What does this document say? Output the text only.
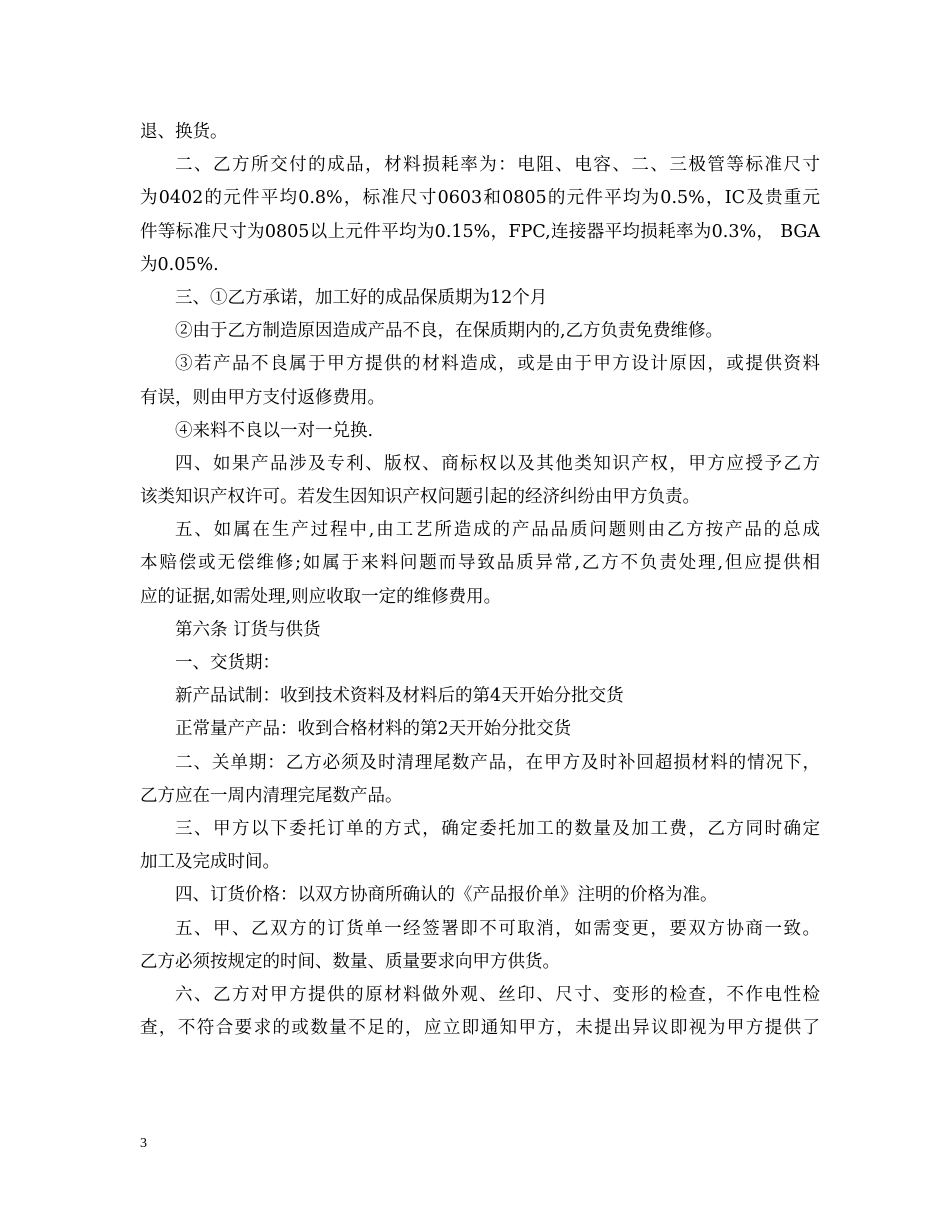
退、换货。
二、乙方所交付的成品，材料损耗率为：电阻、电容、二、三极管等标准尺寸
为0402的元件平均0.8%，标准尺寸0603和0805的元件平均为0.5%，IC及贵重元
件等标准尺寸为0805以上元件平均为0.15%，FPC,连接器平均损耗率为0.3%， BGA
为0.05%.
三、①乙方承诺，加工好的成品保质期为12个月
②由于乙方制造原因造成产品不良，在保质期内的,乙方负责免费维修。
③若产品不良属于甲方提供的材料造成，或是由于甲方设计原因，或提供资料
有误，则由甲方支付返修费用。
④来料不良以一对一兑换.
四、如果产品涉及专利、版权、商标权以及其他类知识产权，甲方应授予乙方
该类知识产权许可。若发生因知识产权问题引起的经济纠纷由甲方负责。
五、如属在生产过程中,由工艺所造成的产品品质问题则由乙方按产品的总成
本赔偿或无偿维修;如属于来料问题而导致品质异常,乙方不负责处理,但应提供相
应的证据,如需处理,则应收取一定的维修费用。
第六条 订货与供货
一、交货期：
新产品试制：收到技术资料及材料后的第4天开始分批交货
正常量产产品：收到合格材料的第2天开始分批交货
二、关单期：乙方必须及时清理尾数产品，在甲方及时补回超损材料的情况下，
乙方应在一周内清理完尾数产品。
三、甲方以下委托订单的方式，确定委托加工的数量及加工费，乙方同时确定
加工及完成时间。
四、订货价格：以双方协商所确认的《产品报价单》注明的价格为准。
五、甲、乙双方的订货单一经签署即不可取消，如需变更，要双方协商一致。
乙方必须按规定的时间、数量、质量要求向甲方供货。
六、乙方对甲方提供的原材料做外观、丝印、尺寸、变形的检查，不作电性检
查，不符合要求的或数量不足的，应立即通知甲方，未提出异议即视为甲方提供了
3
